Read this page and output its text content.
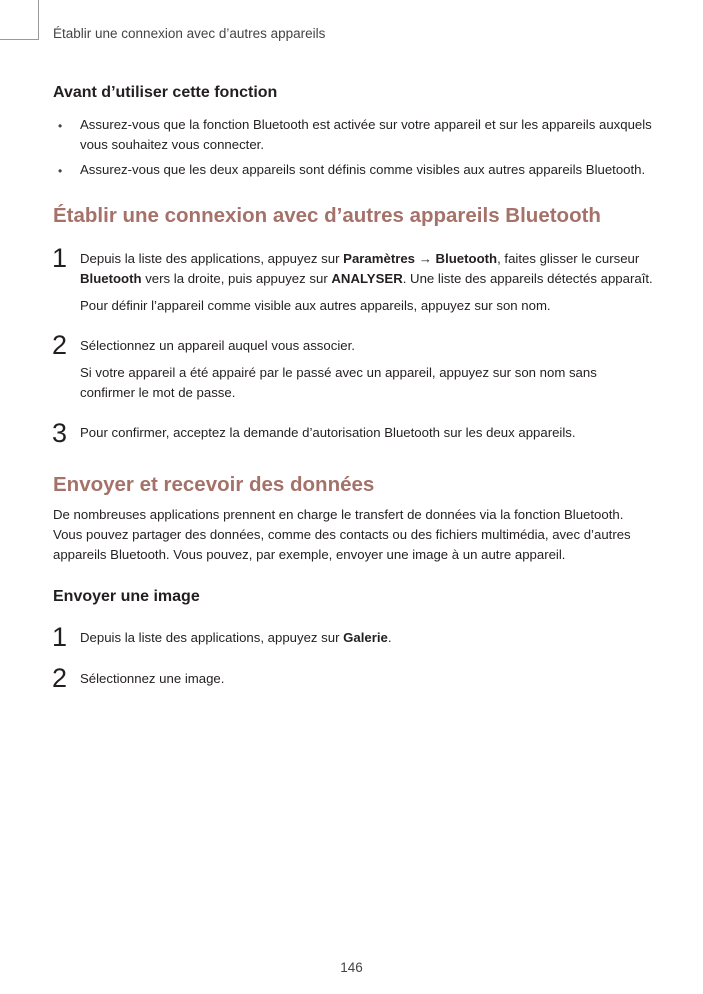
Établir une connexion avec d’autres appareils
Avant d’utiliser cette fonction
• Assurez-vous que la fonction Bluetooth est activée sur votre appareil et sur les appareils auxquels vous souhaitez vous connecter.
• Assurez-vous que les deux appareils sont définis comme visibles aux autres appareils Bluetooth.
Établir une connexion avec d’autres appareils Bluetooth
1 Depuis la liste des applications, appuyez sur Paramètres → Bluetooth, faites glisser le curseur
Bluetooth vers la droite, puis appuyez sur ANALYSER. Une liste des appareils détectés apparaît.
Pour définir l’appareil comme visible aux autres appareils, appuyez sur son nom.
2 Sélectionnez un appareil auquel vous associer.
Si votre appareil a été appairé par le passé avec un appareil, appuyez sur son nom sans confirmer le mot de passe.
3 Pour confirmer, acceptez la demande d’autorisation Bluetooth sur les deux appareils.
Envoyer et recevoir des données
De nombreuses applications prennent en charge le transfert de données via la fonction Bluetooth. Vous pouvez partager des données, comme des contacts ou des fichiers multimédia, avec d’autres appareils Bluetooth. Vous pouvez, par exemple, envoyer une image à un autre appareil.
Envoyer une image
1 Depuis la liste des applications, appuyez sur Galerie.
2 Sélectionnez une image.
146
